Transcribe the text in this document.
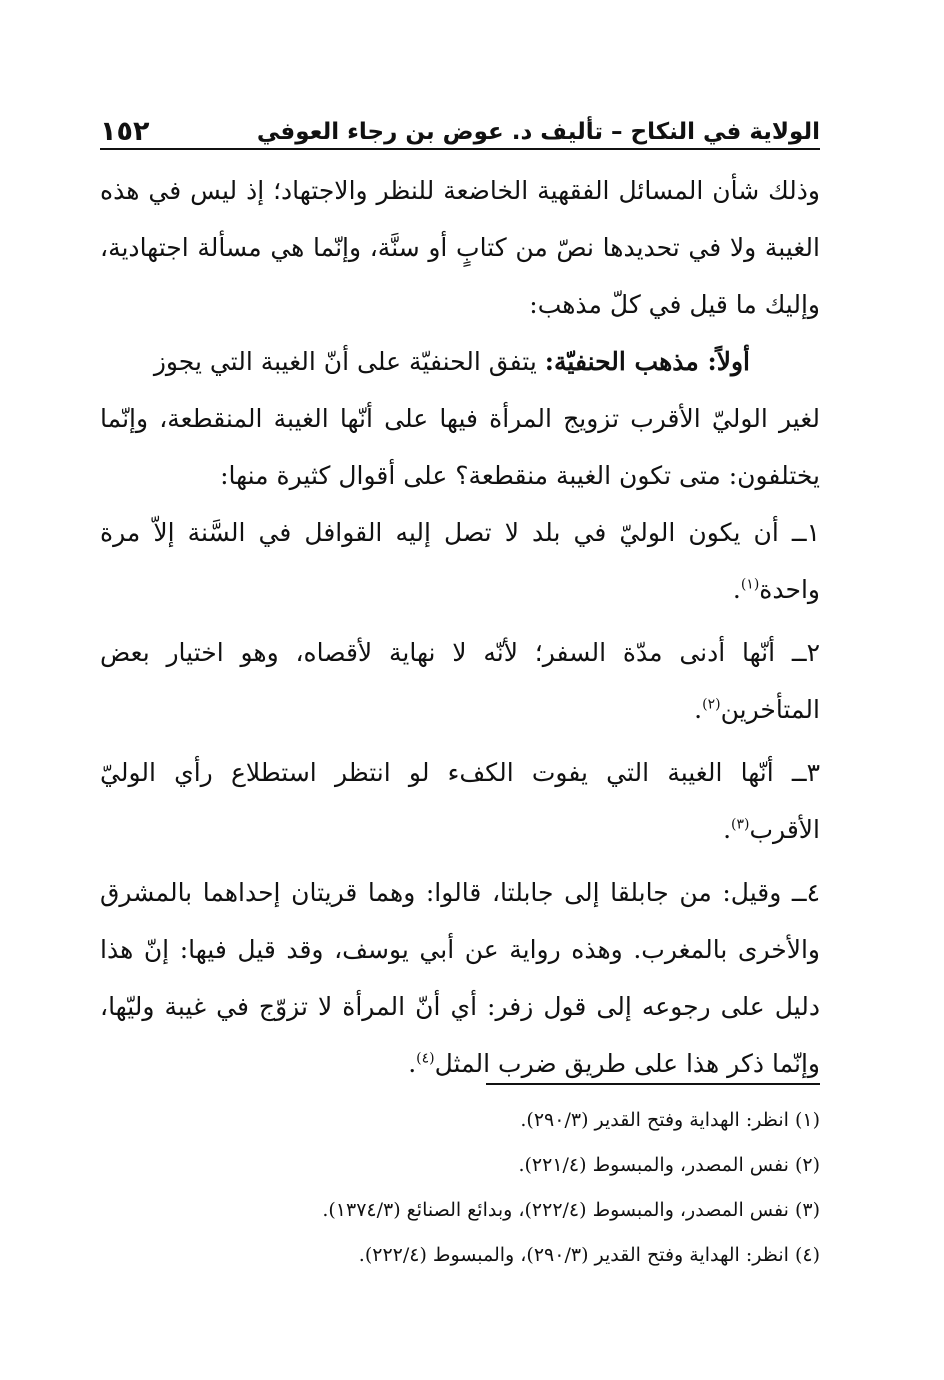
الولاية في النكاح – تأليف د. عوض بن رجاء العوفي
١٥٢

وذلك شأن المسائل الفقهية الخاضعة للنظر والاجتهاد؛ إذ ليس في هذه الغيبة ولا في تحديدها نصّ من كتابٍ أو سنَّة، وإنّما هي مسألة اجتهادية، وإليك ما قيل في كلّ مذهب:

أولاً: مذهب الحنفيّة: يتفق الحنفيّة على أنّ الغيبة التي يجوز

لغير الوليّ الأقرب تزويج المرأة فيها على أنّها الغيبة المنقطعة، وإنّما يختلفون: متى تكون الغيبة منقطعة؟ على أقوال كثيرة منها:

١ــ أن يكون الوليّ في بلد لا تصل إليه القوافل في السَّنة إلاّ مرة واحدة$^{(١)}$.

٢ــ أنّها أدنى مدّة السفر؛ لأنّه لا نهاية لأقصاه، وهو اختيار بعض المتأخرين$^{(٢)}$.

٣ــ أنّها الغيبة التي يفوت الكفء لو انتظر استطلاع رأي الوليّ الأقرب$^{(٣)}$.

٤ــ وقيل: من جابلقا إلى جابلتا، قالوا: وهما قريتان إحداهما بالمشرق والأخرى بالمغرب. وهذه رواية عن أبي يوسف، وقد قيل فيها: إنّ هذا دليل على رجوعه إلى قول زفر: أي أنّ المرأة لا تزوّج في غيبة وليّها، وإنّما ذكر هذا على طريق ضرب المثل$^{(٤)}$.

(١) انظر: الهداية وفتح القدير (٢٩٠/٣).

(٢) نفس المصدر، والمبسوط (٢٢١/٤).

(٣) نفس المصدر، والمبسوط (٢٢٢/٤)، وبدائع الصنائع (١٣٧٤/٣).

(٤) انظر: الهداية وفتح القدير (٢٩٠/٣)، والمبسوط (٢٢٢/٤).
